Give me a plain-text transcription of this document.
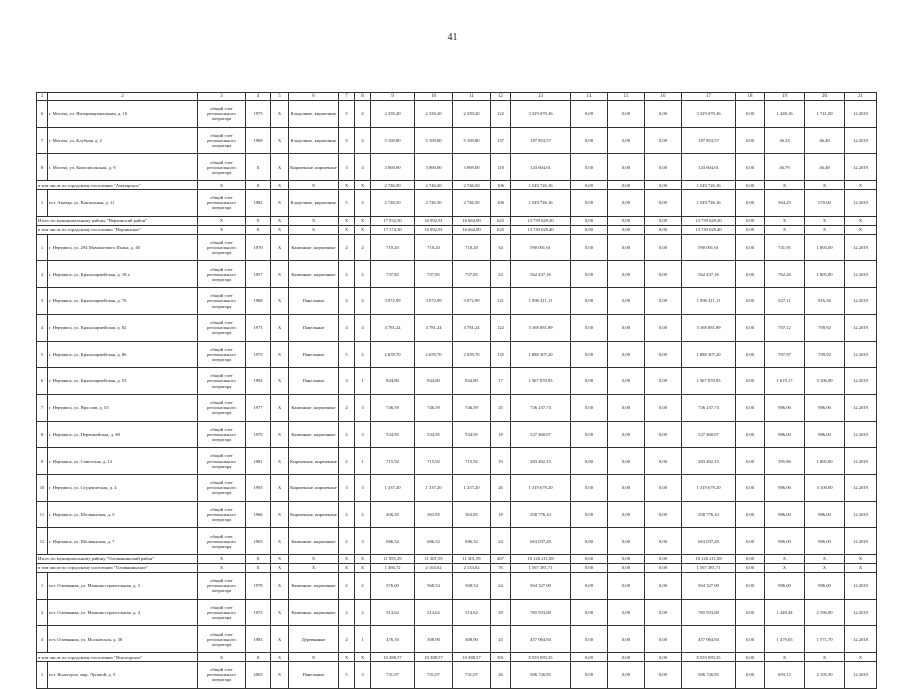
41
1	2	3	4	5	6	7	8	9	10	11	12	13	14	15	16	17	18	19	20	21
6	г. Могоча, ул. Интернациональная, д. 10	общий счет регионального оператора	1975	Х	Кладочные, кирпичные	5	4	2 339,20	2 339,20	2 339,20	122	3 329 070,16	0,00	0,00	0,00	3 329 070,16	0,00	1 428,16	1 741,00	12.2019
7	г. Могоча, ул. Клубная, д. 2	общий счет регионального оператора	1969	Х	Кладочные, кирпичные	5	4	5 169,80	5 169,80	5 169,80	137	187 853,57	0,00	0,00	0,00	187 853,57	0,00	36,34	46,48	12.2019
8	г. Могоча, ул. Комсомольская, д. 9	общий счет регионального оператора	Х	Х	Кирпичные, кирпичные	3	4	3 069,00	3 069,00	3 069,00	118	143 604,61	0,00	0,00	0,00	143 604,61	0,00	46,79	46,48	12.2019
в том числе по городскому поселению "Амазарское"		Х	Х	Х	Х	Х	Х	2 746,50	2 746,50	2 746,50	106	1 549 726,16	0,00	0,00	0,00	1 549 726,16	0,00	Х	Х	Х
1	пгт. Амазар, ул. Вокзальная, д. 11	общий счет регионального оператора	1982	Х	Кладочные, кирпичные	5	4	2 746,50	2 746,50	2 746,50	106	1 549 726,16	0,00	0,00	0,00	1 549 726,16	0,00	564,25	570,00	12.2019
Итого по муниципальному району "Нерчинский район"		Х	Х	Х	Х	Х	Х	17 932,50	16 992,91	16 664,90	625	13 759 629,40	0,00	0,00	0,00	13 759 629,40	0,00	Х	Х	Х
в том числе по городскому поселению "Нерчинское"		Х	Х	Х	Х	Х	Х	17 174,30	16 992,91	16 664,90	625	13 749 629,40	0,00	0,00	0,00	13 749 629,40	0,00	Х	Х	Х
1	г. Нерчинск, ул. 294 Мамонтового Полка, д. 40	общий счет регионального оператора	1970	Х	Каменные, кирпичные	2	2	710,20	710,20	710,20	34	590 001,61	0,00	0,00	0,00	590 001,61	0,00	741,95	1 805,00	12.2019
2	г. Нерчинск, ул. Красноармейская, д. 18 а	общий счет регионального оператора	1957	Х	Каменные, кирпичные	2	2	737,85	737,85	737,85	24	562 437,16	0,00	0,00	0,00	562 437,16	0,00	762,26	1 805,00	12.2019
3	г. Нерчинск, ул. Красноармейская, д. 76	общий счет регионального оператора	1968	Х	Панельные	4	4	3 072,99	3 072,99	3 072,99	121	1 996 411,11	0,00	0,00	0,00	1 996 411,11	0,00	627,11	916,36	12.2019
4	г. Нерчинск, ул. Красноармейская, д. 82	общий счет регионального оператора	1973	Х	Панельные	4	4	4 781,24	4 781,24	4 781,24	122	3 168 081,89	0,00	0,00	0,00	3 168 081,89	0,00	707,12	709,92	12.2019
5	г. Нерчинск, ул. Красноармейская, д. 86	общий счет регионального оператора	1975	Х	Панельные	5	2	2 659,70	2 659,70	2 659,70	135	1 888 307,20	0,00	0,00	0,00	1 888 307,20	0,00	707,97	709,92	12.2019
6	г. Нерчинск, ул. Красноармейская, д. 53	общий счет регионального оператора	1992	Х	Панельные	3	1	844,80	844,80	844,80	17	1 367 870,95	0,00	0,00	0,00	1 367 870,95	0,00	1 619,17	3 106,00	12.2019
7	г. Нерчинск, ул. Ярослав, д. 53	общий счет регионального оператора	1977	Х	Каменные, кирпичные	2	3	746,59	746,59	746,59	25	736 137,74	0,00	0,00	0,00	736 137,74	0,00	986,00	986,00	12.2019
8	г. Нерчинск, ул. Первомайская, д. 80	общий счет регионального оператора	1979	Х	Каменные, кирпичные	2	3	534,95	534,95	534,95	18	527 460,07	0,00	0,00	0,00	527 460,07	0,00	986,00	986,00	12.2019
9	г. Нерчинск, ул. Советская, д. 12	общий счет регионального оператора	1981	Х	Кирпичные, кирпичные	2	1	715,92	715,92	715,92	19	283 492,15	0,00	0,00	0,00	283 492,15	0,00	395,86	1 805,00	12.2019
10	г. Нерчинск, ул. Студенческая, д. 4	общий счет регионального оператора	1993	Х	Кирпичные, кирпичные	3	3	1 337,20	1 337,20	1 337,20	26	1 319 679,20	0,00	0,00	0,00	1 319 679,20	0,00	986,00	3 100,00	12.2019
11	г. Нерчинск, ул. Шелкинская, д. 5	общий счет регионального оператора	1966	Х	Кирпичные, кирпичные	2	2	406,35	363,85	363,85	18	358 776,10	0,00	0,00	0,00	358 776,10	0,00	986,00	986,00	12.2019
12	г. Нерчинск, ул. Шелкинская, д. 7	общий счет регионального оператора	1963	Х	Каменные, кирпичные	2	3	686,32	686,32	686,32	24	663 037,29	0,00	0,00	0,00	663 037,29	0,00	986,00	986,00	12.2019
Итого по муниципальному району "Оловяннинский район"		Х	Х	Х	Х	Х	Х	11 855,29	11 301,59	11 301,59	467	10 126 211,08	0,00	0,00	0,00	10 126 211,08	0,00	Х	Х	Х
в том числе по городскому поселению "Оловяннинское"		Х	Х	Х	Х	Х	Х	1 366,72	2 163,62	2 133,62	76	1 567 381,71	0,00	0,00	0,00	1 567 381,71	0,00	Х	Х	Х
1	пгт. Оловянная, ул. Машиностроительная, д. 3	общий счет регионального оператора	1978	Х	Каменные, кирпичные	2	2	576,00	568,54	568,54	24	564 327,00	0,00	0,00	0,00	564 327,00	0,00	986,00	986,00	12.2019
2	пгт. Оловянная, ул. Машиностроительная, д. 4	общий счет регионального оператора	1975	Х	Каменные, кирпичные	2	2	514,62	514,62	514,62	29	765 933,69	0,00	0,00	0,00	765 933,69	0,00	1 449,44	2 196,00	12.2019
3	пгт. Оловянная, ул. Московская, д. 38	общий счет регионального оператора	1983	Х	Деревянные	2	1	476,10	308,90	308,90	23	457 064,94	0,00	0,00	0,00	457 064,94	0,00	1 479,65	1 571,70	12.2018
в том числе по городскому поселению "Ясногорское"		Х	Х	Х	Х	Х	Х	10 388,57	10 388,57	10 388,57	391	8 559 095,35	0,00	0,00	0,00	8 559 095,35	0,00	Х	Х	Х
1	пгт. Ясногорск, мкр. Луговой, д. 5	общий счет регионального оператора	2003	Х	Панельные	5	3	731,07	731,07	731,07	26	506 726,85	0,00	0,00	0,00	506 726,85	0,00	693,15	2 105,50	12.2019
